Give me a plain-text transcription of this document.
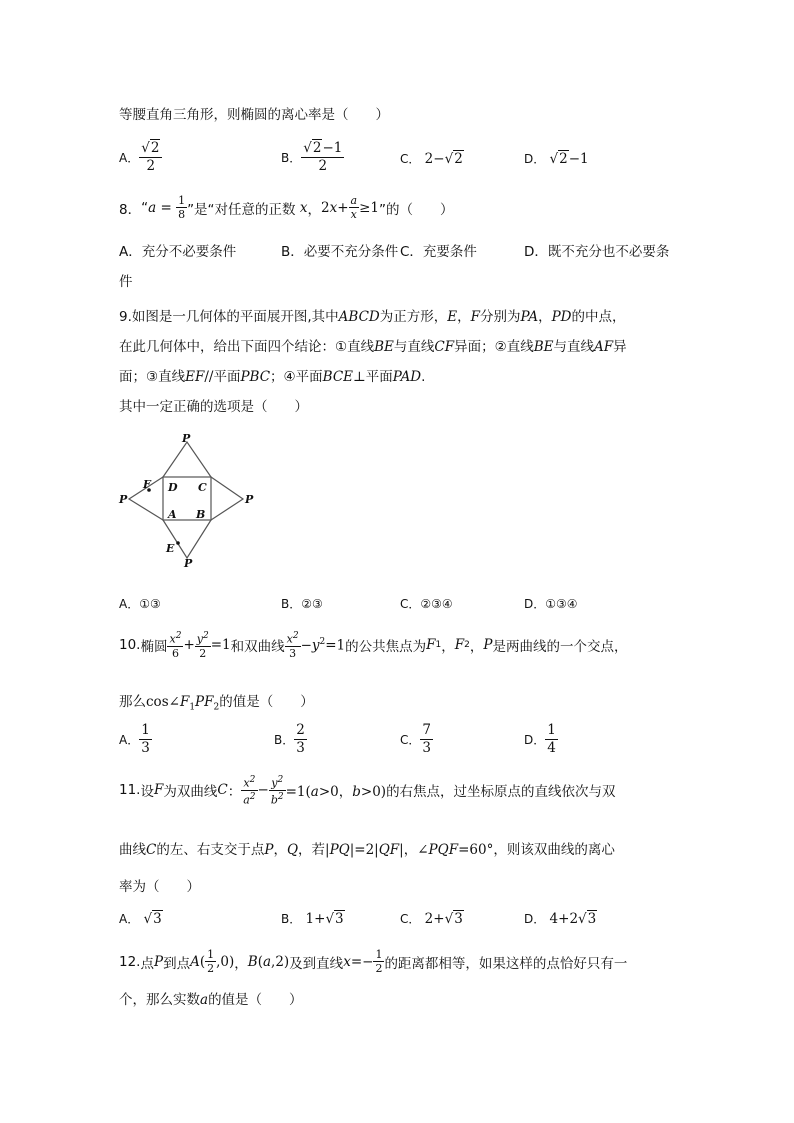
等腰直角三角形，则椭圆的离心率是（　　）
A． $\frac{√2}{2}$	B． $\frac{√2-1}{2}$	C． 2−√2	D． √2−1
8． “ $a = \frac{1}{8}$ ”是“对任意的正数 x ， $2x+ \frac{a}{x} \ge 1$ ”的（　　）
A．充分不必要条件	B．必要不充分条件 C．充要条件	D．既不充分也不必要条
件
9.如图是一几何体的平面展开图,其中ABCD为正方形，E，F分别为PA，PD的中点，
在此几何体中，给出下面四个结论：①直线BE与直线CF异面；②直线BE与直线AF异
面；③直线EF//平面PBC；④平面BCE⊥平面PAD.
其中一定正确的选项是（　　）
P
P	P
P
F D C
A B
E
A．①③	B．②③	C．②③④	D．①③④
10. 椭圆 $\frac{x^2}{6} + \frac{y^2}{2} =1$ 和双曲线 $\frac{x^2}{3} -y^2=1$ 的公共焦点为 F 1 ， F 2 ， P 是两曲线的一个交点，
那么$\cos\angle F_1PF_2$的值是（　　）
A． $\frac{1}{3}$	B． $\frac{2}{3}$	C． $\frac{7}{3}$	D． $\frac{1}{4}$
11. 设 F 为双曲线 C ： $\frac{x^2}{a^2} - \frac{y^2}{b^2} =1(a>0$，b>0) 的右焦点，过坐标原点的直线依次与双
曲线C的左、右支交于点P，Q，若|PQ|=2|QF|，∠PQF=60°，则该双曲线的离心
率为（　　）
A． √3	B． 1+√3	C． 2+√3	D． 4+2√3
12. 点 P 到点 A ( $\frac{1}{2} ,0$) ， B (a,2) 及到直线 $x =- \frac{1}{2}$ 的距离都相等，如果这样的点恰好只有一
个，那么实数a的值是（　　）
